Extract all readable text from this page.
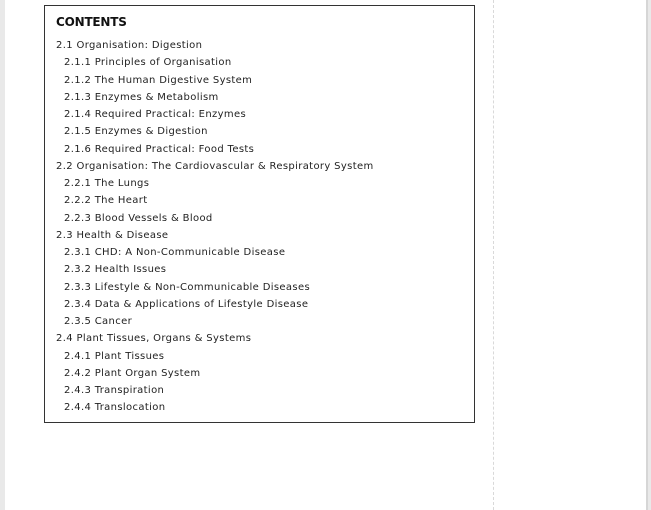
CONTENTS
2.1 Organisation: Digestion
2.1.1 Principles of Organisation
2.1.2 The Human Digestive System
2.1.3 Enzymes & Metabolism
2.1.4 Required Practical: Enzymes
2.1.5 Enzymes & Digestion
2.1.6 Required Practical: Food Tests
2.2 Organisation: The Cardiovascular & Respiratory System
2.2.1 The Lungs
2.2.2 The Heart
2.2.3 Blood Vessels & Blood
2.3 Health & Disease
2.3.1 CHD: A Non-Communicable Disease
2.3.2 Health Issues
2.3.3 Lifestyle & Non-Communicable Diseases
2.3.4 Data & Applications of Lifestyle Disease
2.3.5 Cancer
2.4 Plant Tissues, Organs & Systems
2.4.1 Plant Tissues
2.4.2 Plant Organ System
2.4.3 Transpiration
2.4.4 Translocation
